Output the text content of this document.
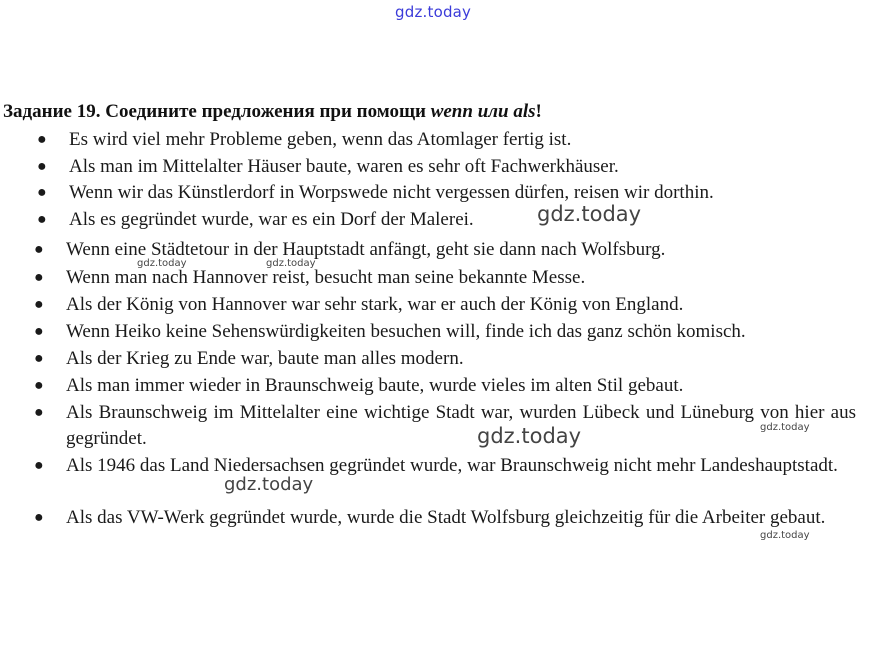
gdz.today
Задание 19. Соедините предложения при помощи wenn или als!
● Es wird viel mehr Probleme geben, wenn das Atomlager fertig ist.
● Als man im Mittelalter Häuser baute, waren es sehr oft Fachwerkhäuser.
● Wenn wir das Künstlerdorf in Worpswede nicht vergessen dürfen, reisen wir dorthin.
● Als es gegründet wurde, war es ein Dorf der Malerei.
● Wenn eine Städtetour in der Hauptstadt anfängt, geht sie dann nach Wolfsburg.
● Wenn man nach Hannover reist, besucht man seine bekannte Messe.
● Als der König von Hannover war sehr stark, war er auch der König von England.
● Wenn Heiko keine Sehenswürdigkeiten besuchen will, finde ich das ganz schön komisch.
● Als der Krieg zu Ende war, baute man alles modern.
● Als man immer wieder in Braunschweig baute, wurde vieles im alten Stil gebaut.
● Als Braunschweig im Mittelalter eine wichtige Stadt war, wurden Lübeck und Lüneburg von hier aus gegründet.
● Als 1946 das Land Niedersachsen gegründet wurde, war Braunschweig nicht mehr Landeshauptstadt.
● Als das VW-Werk gegründet wurde, wurde die Stadt Wolfsburg gleichzeitig für die Arbeiter gebaut.
gdz.today
gdz.today	gdz.today
gdz.today	gdz.today
gdz.today
gdz.today
